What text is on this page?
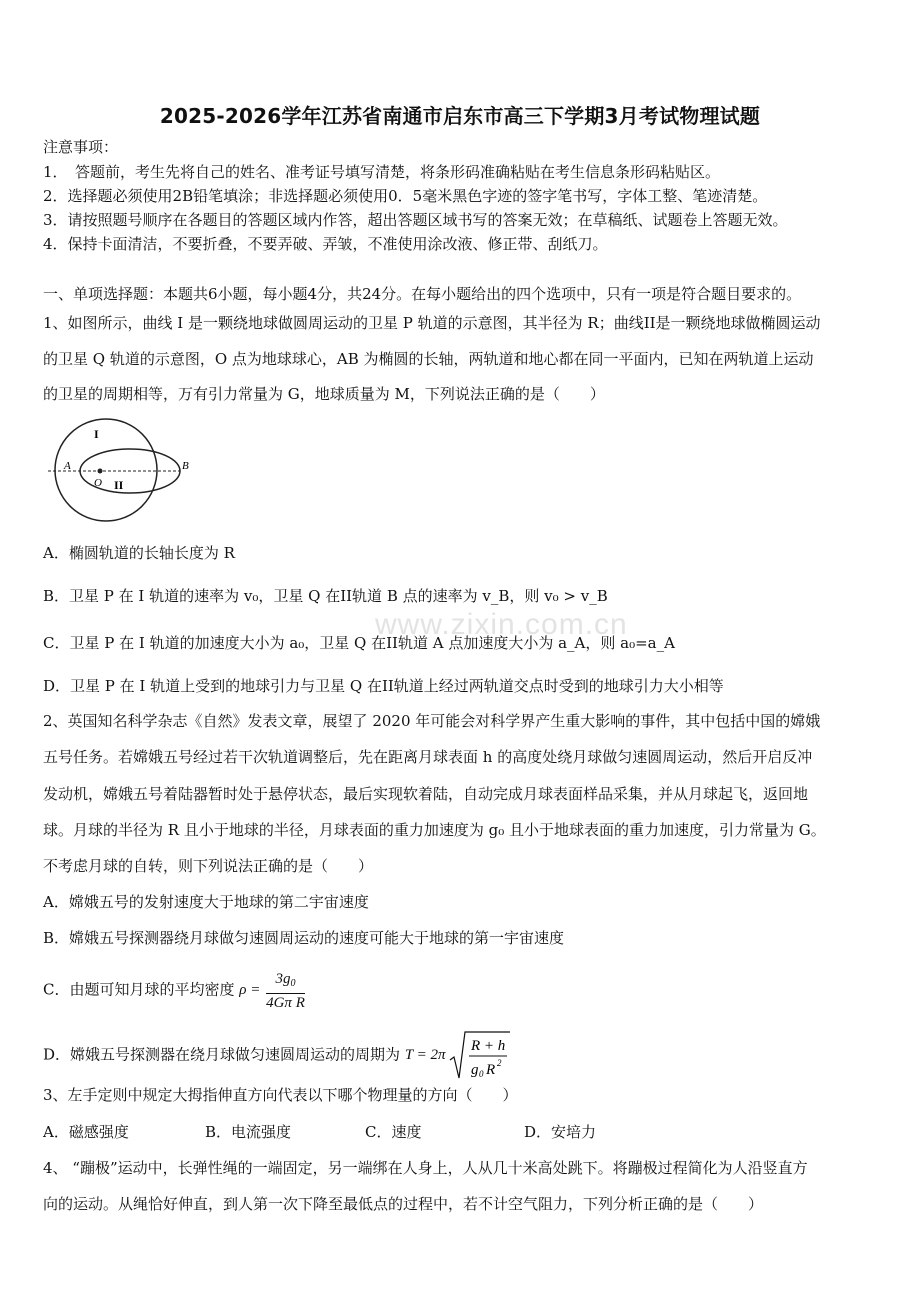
2025-2026学年江苏省南通市启东市高三下学期3月考试物理试题
注意事项：
1．　答题前，考生先将自己的姓名、准考证号填写清楚，将条形码准确粘贴在考生信息条形码粘贴区。
2．选择题必须使用2B铅笔填涂；非选择题必须使用0．5毫米黑色字迹的签字笔书写，字体工整、笔迹清楚。
3．请按照题号顺序在各题目的答题区域内作答，超出答题区域书写的答案无效；在草稿纸、试题卷上答题无效。
4．保持卡面清洁，不要折叠，不要弄破、弄皱，不准使用涂改液、修正带、刮纸刀。
一、单项选择题：本题共6小题，每小题4分，共24分。在每小题给出的四个选项中，只有一项是符合题目要求的。
1、如图所示，曲线 I 是一颗绕地球做圆周运动的卫星 P 轨道的示意图，其半径为 R；曲线II是一颗绕地球做椭圆运动
的卫星 Q 轨道的示意图，O 点为地球球心，AB 为椭圆的长轴，两轨道和地心都在同一平面内，已知在两轨道上运动
的卫星的周期相等，万有引力常量为 G，地球质量为 M，下列说法正确的是（　　）
I
II
A	B
O
A．椭圆轨道的长轴长度为 R
B．卫星 P 在 I 轨道的速率为 v₀，卫星 Q 在II轨道 B 点的速率为 v_B，则 v₀ > v_B
C．卫星 P 在 I 轨道的加速度大小为 a₀，卫星 Q 在II轨道 A 点加速度大小为 a_A，则 a₀=a_A
D．卫星 P 在 I 轨道上受到的地球引力与卫星 Q 在II轨道上经过两轨道交点时受到的地球引力大小相等
www.zixin.com.cn
2、英国知名科学杂志《自然》发表文章，展望了 2020 年可能会对科学界产生重大影响的事件，其中包括中国的嫦娥
五号任务。若嫦娥五号经过若干次轨道调整后，先在距离月球表面 h 的高度处绕月球做匀速圆周运动，然后开启反冲
发动机，嫦娥五号着陆器暂时处于悬停状态，最后实现软着陆，自动完成月球表面样品采集，并从月球起飞，返回地
球。月球的半径为 R 且小于地球的半径，月球表面的重力加速度为 g₀ 且小于地球表面的重力加速度，引力常量为 G。
不考虑月球的自转，则下列说法正确的是（　　）
A．嫦娥五号的发射速度大于地球的第二宇宙速度
B．嫦娥五号探测器绕月球做匀速圆周运动的速度可能大于地球的第一宇宙速度
C．由题可知月球的平均密度 $\rho = \frac{3g_0}{\text{4Gπ R}}$
D．嫦娥五号探测器在绕月球做匀速圆周运动的周期为 T = 2π
R + h
g 0 R 2
3、左手定则中规定大拇指伸直方向代表以下哪个物理量的方向（　　）
A．磁感强度	B．电流强度	C．速度	D．安培力
4、 “蹦极”运动中，长弹性绳的一端固定，另一端绑在人身上，人从几十米高处跳下。将蹦极过程简化为人沿竖直方
向的运动。从绳恰好伸直，到人第一次下降至最低点的过程中，若不计空气阻力，下列分析正确的是（　　）
